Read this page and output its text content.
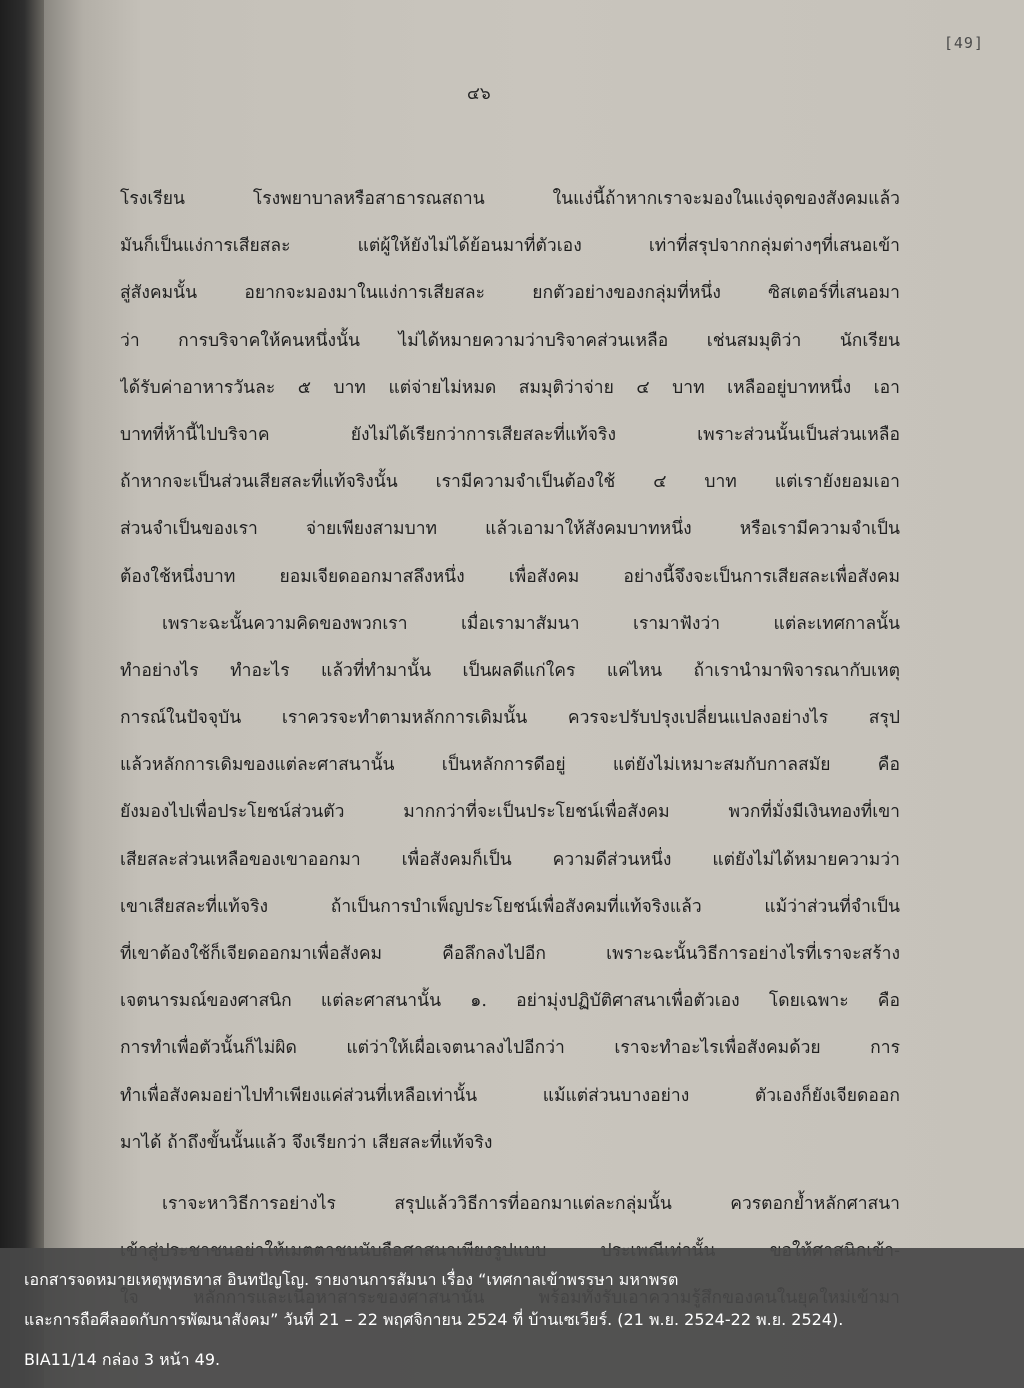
[49]
๔๖
โรงเรียน โรงพยาบาลหรือสาธารณสถาน ในแง่นี้ถ้าหากเราจะมองในแง่จุดของสังคมแล้ว
มันก็เป็นแง่การเสียสละ แต่ผู้ให้ยังไม่ได้ย้อนมาที่ตัวเอง เท่าที่สรุปจากกลุ่มต่างๆที่เสนอเข้า
สู่สังคมนั้น อยากจะมองมาในแง่การเสียสละ ยกตัวอย่างของกลุ่มที่หนึ่ง ซิสเตอร์ที่เสนอมา
ว่า การบริจาคให้คนหนึ่งนั้น ไม่ได้หมายความว่าบริจาคส่วนเหลือ เช่นสมมุติว่า นักเรียน
ได้รับค่าอาหารวันละ ๕ บาท แต่จ่ายไม่หมด สมมุติว่าจ่าย ๔ บาท เหลืออยู่บาทหนึ่ง เอา
บาทที่ห้านี้ไปบริจาค ยังไม่ได้เรียกว่าการเสียสละที่แท้จริง เพราะส่วนนั้นเป็นส่วนเหลือ
ถ้าหากจะเป็นส่วนเสียสละที่แท้จริงนั้น เรามีความจำเป็นต้องใช้ ๔ บาท แต่เรายังยอมเอา
ส่วนจำเป็นของเรา จ่ายเพียงสามบาท แล้วเอามาให้สังคมบาทหนึ่ง หรือเรามีความจำเป็น
ต้องใช้หนึ่งบาท ยอมเจียดออกมาสลึงหนึ่ง เพื่อสังคม อย่างนี้จึงจะเป็นการเสียสละเพื่อสังคม
เพราะฉะนั้นความคิดของพวกเรา เมื่อเรามาสัมนา เรามาฟังว่า แต่ละเทศกาลนั้น
ทำอย่างไร ทำอะไร แล้วที่ทำมานั้น เป็นผลดีแก่ใคร แค่ไหน ถ้าเรานำมาพิจารณากับเหตุ
การณ์ในปัจจุบัน เราควรจะทำตามหลักการเดิมนั้น ควรจะปรับปรุงเปลี่ยนแปลงอย่างไร สรุป
แล้วหลักการเดิมของแต่ละศาสนานั้น เป็นหลักการดีอยู่ แต่ยังไม่เหมาะสมกับกาลสมัย คือ
ยังมองไปเพื่อประโยชน์ส่วนตัว มากกว่าที่จะเป็นประโยชน์เพื่อสังคม พวกที่มั่งมีเงินทองที่เขา
เสียสละส่วนเหลือของเขาออกมา เพื่อสังคมก็เป็น ความดีส่วนหนึ่ง แต่ยังไม่ได้หมายความว่า
เขาเสียสละที่แท้จริง ถ้าเป็นการบำเพ็ญประโยชน์เพื่อสังคมที่แท้จริงแล้ว แม้ว่าส่วนที่จำเป็น
ที่เขาต้องใช้ก็เจียดออกมาเพื่อสังคม คือลึกลงไปอีก เพราะฉะนั้นวิธีการอย่างไรที่เราจะสร้าง
เจตนารมณ์ของศาสนิก แต่ละศาสนานั้น ๑. อย่ามุ่งปฏิบัติศาสนาเพื่อตัวเอง โดยเฉพาะ คือ
การทำเพื่อตัวนั้นก็ไม่ผิด แต่ว่าให้เผื่อเจตนาลงไปอีกว่า เราจะทำอะไรเพื่อสังคมด้วย การ
ทำเพื่อสังคมอย่าไปทำเพียงแค่ส่วนที่เหลือเท่านั้น แม้แต่ส่วนบางอย่าง ตัวเองก็ยังเจียดออก
มาได้ ถ้าถึงขั้นนั้นแล้ว จึงเรียกว่า เสียสละที่แท้จริง
เราจะหาวิธีการอย่างไร สรุปแล้ววิธีการที่ออกมาแต่ละกลุ่มนั้น ควรตอกย้ำหลักศาสนา
เอกสารจดหมายเหตุพุทธทาส อินทปัญโญ. รายงานการสัมนา เรื่อง “เทศกาลเข้าพรรษา มหาพรต
และการถือศีลอดกับการพัฒนาสังคม” วันที่ 21 – 22 พฤศจิกายน 2524 ที่ บ้านเซเวียร์. (21 พ.ย. 2524-22 พ.ย. 2524).
BIA11/14 กล่อง 3 หน้า 49.
